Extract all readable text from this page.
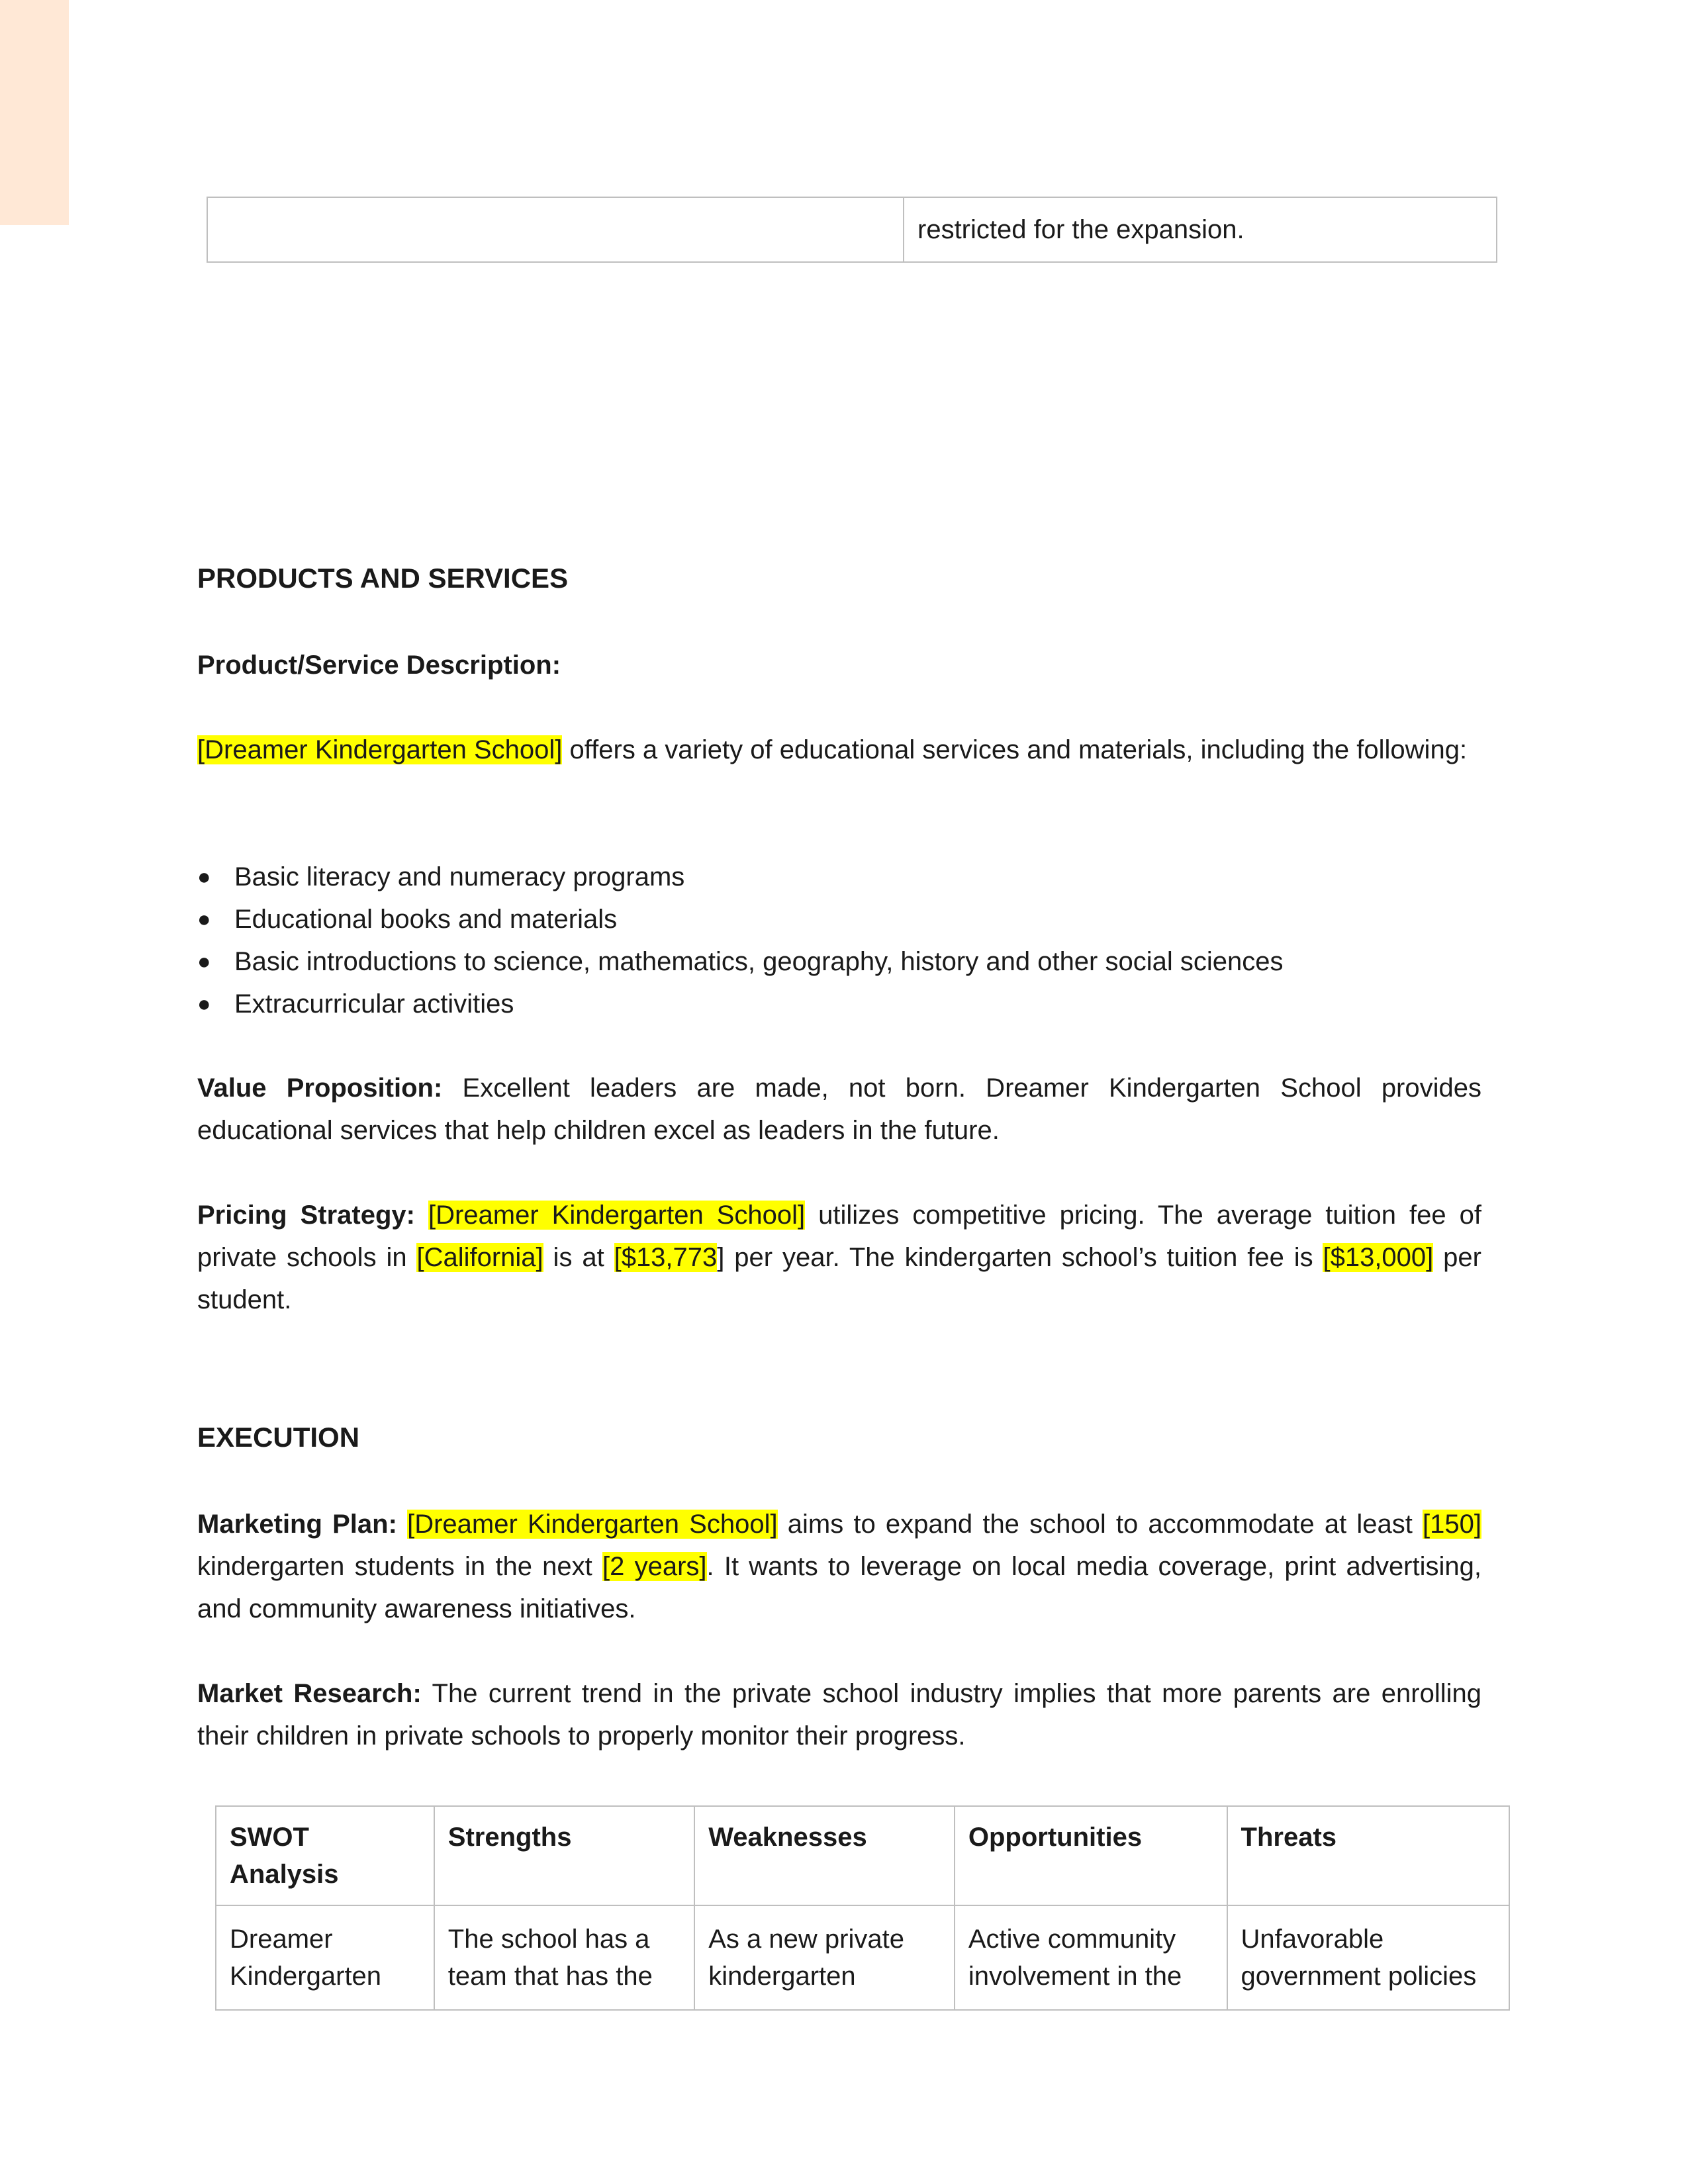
	restricted for the expansion.
PRODUCTS AND SERVICES
Product/Service Description:
[Dreamer Kindergarten School] offers a variety of educational services and materials, including the following:
● Basic literacy and numeracy programs
● Educational books and materials
● Basic introductions to science, mathematics, geography, history and other social sciences
● Extracurricular activities
Value Proposition: Excellent leaders are made, not born. Dreamer Kindergarten School provides educational services that help children excel as leaders in the future.
Pricing Strategy: [Dreamer Kindergarten School] utilizes competitive pricing. The average tuition fee of private schools in [California] is at [$13,773] per year. The kindergarten school’s tuition fee is [$13,000] per student.
EXECUTION
Marketing Plan: [Dreamer Kindergarten School] aims to expand the school to accommodate at least [150] kindergarten students in the next [2 years]. It wants to leverage on local media coverage, print advertising, and community awareness initiatives.
Market Research: The current trend in the private school industry implies that more parents are enrolling their children in private schools to properly monitor their progress.
SWOT Analysis	Strengths	Weaknesses	Opportunities	Threats
Dreamer Kindergarten	The school has a team that has the	As a new private kindergarten	Active community involvement in the	Unfavorable government policies
